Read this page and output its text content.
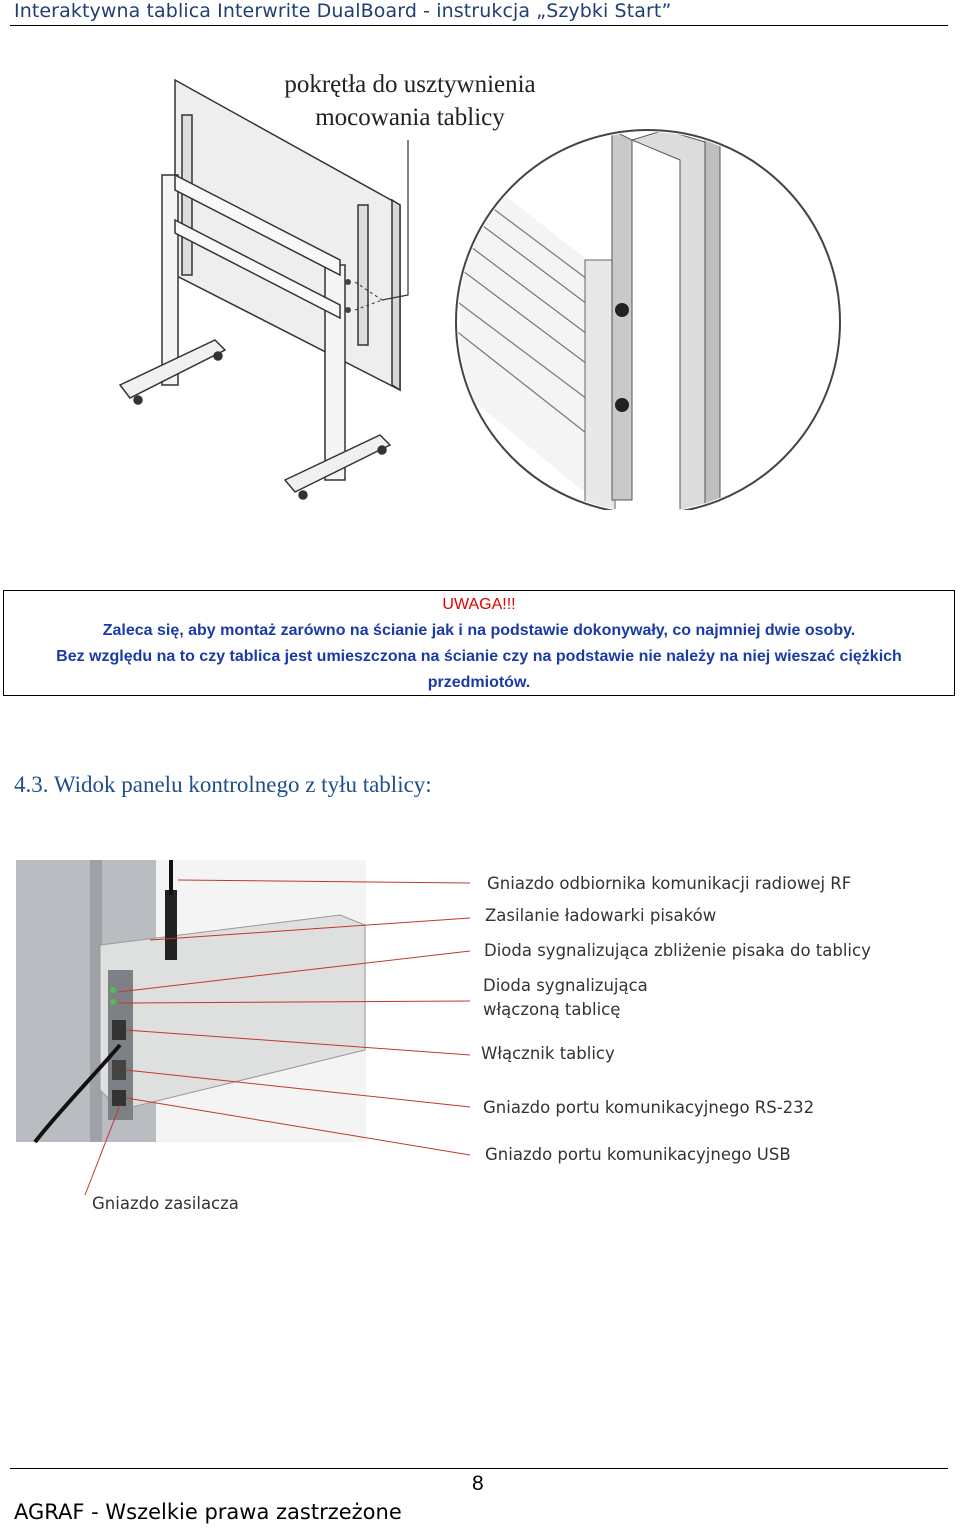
Interaktywna tablica Interwrite DualBoard - instrukcja „Szybki Start”
pokrętła do usztywnienia
mocowania tablicy
UWAGA!!!
Zaleca się, aby montaż zarówno na ścianie jak i na podstawie dokonywały, co najmniej dwie osoby.
Bez względu na to czy tablica jest umieszczona na ścianie czy na podstawie nie należy na niej wieszać ciężkich przedmiotów.
4.3. Widok panelu kontrolnego z tyłu tablicy:
Gniazdo odbiornika komunikacji radiowej RF
Zasilanie ładowarki pisaków
Dioda sygnalizująca zbliżenie pisaka do tablicy
Dioda sygnalizująca
włączoną tablicę
Włącznik tablicy
Gniazdo portu komunikacyjnego RS-232
Gniazdo portu komunikacyjnego USB
Gniazdo zasilacza
8
AGRAF - Wszelkie prawa zastrzeżone
